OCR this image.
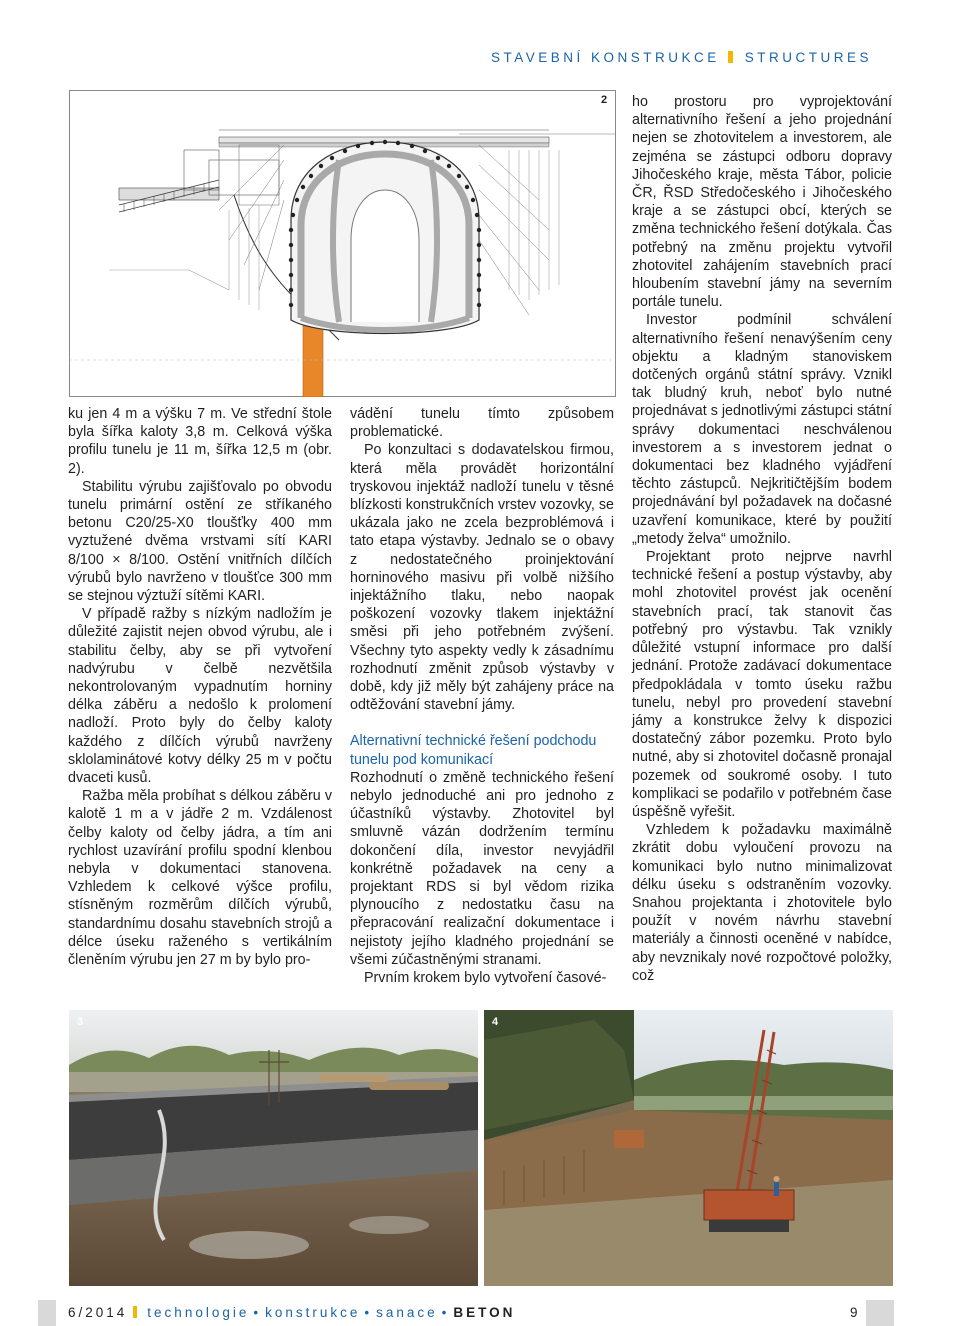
STAVEBNÍ KONSTRUKCE STRUCTURES
2

ku jen 4 m a výšku 7 m. Ve střední štole byla šířka kaloty 3,8 m. Celková výška profilu tunelu je 11 m, šířka 12,5 m (obr. 2).

Stabilitu výrubu zajišťovalo po obvodu tunelu primární ostění ze stříkaného betonu C20/25-X0 tloušťky 400 mm vyztužené dvěma vrstvami sítí KARI 8/100 × 8/100. Ostění vnitřních dílčích výrubů bylo navrženo v tloušťce 300 mm se stejnou výztuží sítěmi KARI.

V případě ražby s nízkým nadložím je důležité zajistit nejen obvod výrubu, ale i stabilitu čelby, aby se při vytvoření nadvýrubu v čelbě nezvětšila nekontrolovaným vypadnutím horniny délka záběru a nedošlo k prolomení nadloží. Proto byly do čelby kaloty každého z dílčích výrubů navrženy sklolaminátové kotvy délky 25 m v počtu dvaceti kusů.

Ražba měla probíhat s délkou záběru v kalotě 1 m a v jádře 2 m. Vzdálenost čelby kaloty od čelby jádra, a tím ani rychlost uzavírání profilu spodní klenbou nebyla v dokumentaci stanovena. Vzhledem k celkové výšce profilu, stísněným rozměrům dílčích výrubů, standardnímu dosahu stavebních strojů a délce úseku raženého s vertikálním členěním výrubu jen 27 m by bylo pro-

vádění tunelu tímto způsobem problematické.

Po konzultaci s dodavatelskou firmou, která měla provádět horizontální tryskovou injektáž nadloží tunelu v těsné blízkosti konstrukčních vrstev vozovky, se ukázala jako ne zcela bezproblémová i tato etapa výstavby. Jednalo se o obavy z nedostatečného proinjektování horninového masivu při volbě nižšího injektážního tlaku, nebo naopak poškození vozovky tlakem injektážní směsi při jeho potřebném zvýšení. Všechny tyto aspekty vedly k zásadnímu rozhodnutí změnit způsob výstavby v době, kdy již měly být zahájeny práce na odtěžování stavební jámy.

Alternativní technické řešení podchodu tunelu pod komunikací

Rozhodnutí o změně technického řešení nebylo jednoduché ani pro jednoho z účastníků výstavby. Zhotovitel byl smluvně vázán dodržením termínu dokončení díla, investor nevyjádřil konkrétně požadavek na ceny a projektant RDS si byl vědom rizika plynoucího z nedostatku času na přepracování realizační dokumentace i nejistoty jejího kladného projednání se všemi zúčastněnými stranami.

Prvním krokem bylo vytvoření časové-

ho prostoru pro vyprojektování alternativního řešení a jeho projednání nejen se zhotovitelem a investorem, ale zejména se zástupci odboru dopravy Jihočeského kraje, města Tábor, policie ČR, ŘSD Středočeského i Jihočeského kraje a se zástupci obcí, kterých se změna technického řešení dotýkala. Čas potřebný na změnu projektu vytvořil zhotovitel zahájením stavebních prací hloubením stavební jámy na severním portále tunelu.

Investor podmínil schválení alternativního řešení nenavýšením ceny objektu a kladným stanoviskem dotčených orgánů státní správy. Vznikl tak bludný kruh, neboť bylo nutné projednávat s jednotlivými zástupci státní správy dokumentaci neschválenou investorem a s investorem jednat o dokumentaci bez kladného vyjádření těchto zástupců. Nejkritičtějším bodem projednávání byl požadavek na dočasné uzavření komunikace, které by použití „metody želva“ umožnilo.

Projektant proto nejprve navrhl technické řešení a postup výstavby, aby mohl zhotovitel provést jak ocenění stavebních prací, tak stanovit čas potřebný pro výstavbu. Tak vznikly důležité vstupní informace pro další jednání. Protože zadávací dokumentace předpokládala v tomto úseku ražbu tunelu, nebyl pro provedení stavební jámy a konstrukce želvy k dispozici dostatečný zábor pozemku. Proto bylo nutné, aby si zhotovitel dočasně pronajal pozemek od soukromé osoby. I tuto komplikaci se podařilo v potřebném čase úspěšně vyřešit.

Vzhledem k požadavku maximálně zkrátit dobu vyloučení provozu na komunikaci bylo nutno minimalizovat délku úseku s odstraněním vozovky. Snahou projektanta i zhotovitele bylo použít v novém návrhu stavební materiály a činnosti oceněné v nabídce, aby nevznikaly nové rozpočtové položky, což

3	4
6/2014 technologie • konstrukce • sanace • BETON	9
